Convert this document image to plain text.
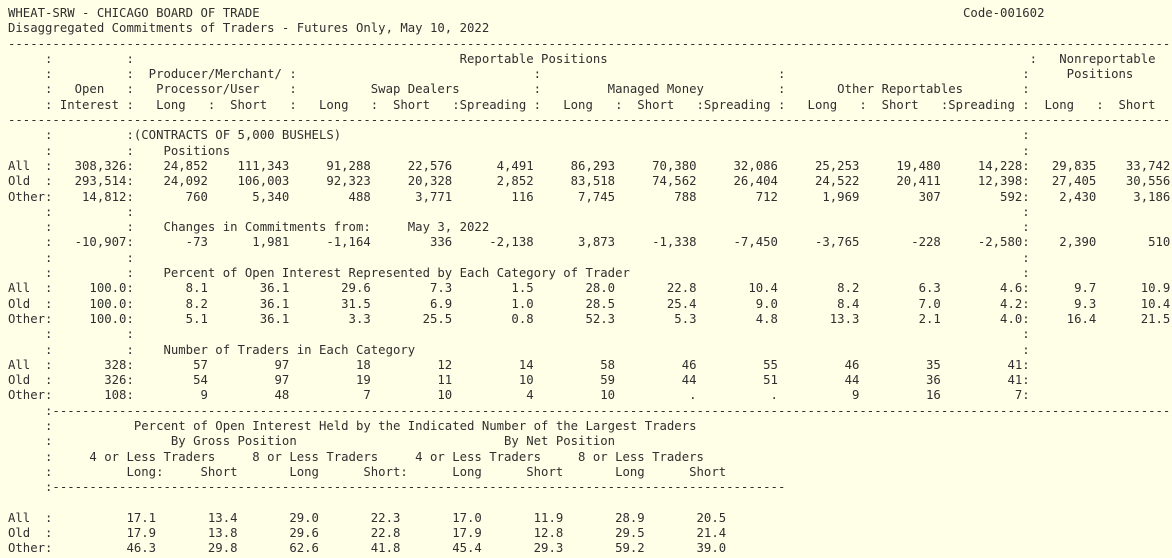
WHEAT-SRW - CHICAGO BOARD OF TRADE                                                                                               Code-001602
Disaggregated Commitments of Traders - Futures Only, May 10, 2022
-------------------------------------------------------------------------------------------------------------------------------------------------------------
:          :                                            Reportable Positions                                                         :   Nonreportable
:          :  Producer/Merchant/ :                                :                                :                                :     Positions
:   Open   :   Processor/User    :          Swap Dealers          :         Managed Money          :       Other Reportables        :
: Interest :   Long   :  Short   :   Long   :  Short   :Spreading :   Long   :  Short   :Spreading :   Long   :  Short   :Spreading :  Long   :  Short
-------------------------------------------------------------------------------------------------------------------------------------------------------------
:          :(CONTRACTS OF 5,000 BUSHELS)                                                                                            :
:          :    Positions                                                                                                           :
All  :   308,326:    24,852    111,343     91,288     22,576      4,491     86,293     70,380     32,086     25,253     19,480     14,228:   29,835    33,742
Old  :   293,514:    24,092    106,003     92,323     20,328      2,852     83,518     74,562     26,404     24,522     20,411     12,398:   27,405    30,556
Other:    14,812:       760      5,340        488      3,771        116      7,745        788        712      1,969        307        592:    2,430     3,186
:          :                                                                                                                        :
:          :    Changes in Commitments from:     May 3, 2022                                                                        :
:   -10,907:       -73      1,981     -1,164        336     -2,138      3,873     -1,338     -7,450     -3,765       -228     -2,580:    2,390       510
:          :                                                                                                                        :
:          :    Percent of Open Interest Represented by Each Category of Trader                                                     :
All  :     100.0:       8.1       36.1       29.6        7.3        1.5       28.0       22.8       10.4        8.2        6.3        4.6:      9.7      10.9
Old  :     100.0:       8.2       36.1       31.5        6.9        1.0       28.5       25.4        9.0        8.4        7.0        4.2:      9.3      10.4
Other:     100.0:       5.1       36.1        3.3       25.5        0.8       52.3        5.3        4.8       13.3        2.1        4.0:     16.4      21.5
:          :                                                                                                                        :
:          :    Number of Traders in Each Category                                                                                  :
All  :       328:        57         97         18         12         14         58         46         55         46         35         41:
Old  :       326:        54         97         19         11         10         59         44         51         44         36         41:
Other:       108:         9         48          7         10          4         10          .          .          9         16          7:
:-------------------------------------------------------------------------------------------------------------------------------------------------------
:           Percent of Open Interest Held by the Indicated Number of the Largest Traders
:                By Gross Position                            By Net Position
:     4 or Less Traders     8 or Less Traders     4 or Less Traders     8 or Less Traders
:          Long:     Short       Long      Short:      Long      Short       Long      Short
:---------------------------------------------------------------------------------------------------
All  :          17.1       13.4       29.0       22.3       17.0       11.9       28.9       20.5
Old  :          17.9       13.8       29.6       22.8       17.9       12.8       29.5       21.4
Other:          46.3       29.8       62.6       41.8       45.4       29.3       59.2       39.0
